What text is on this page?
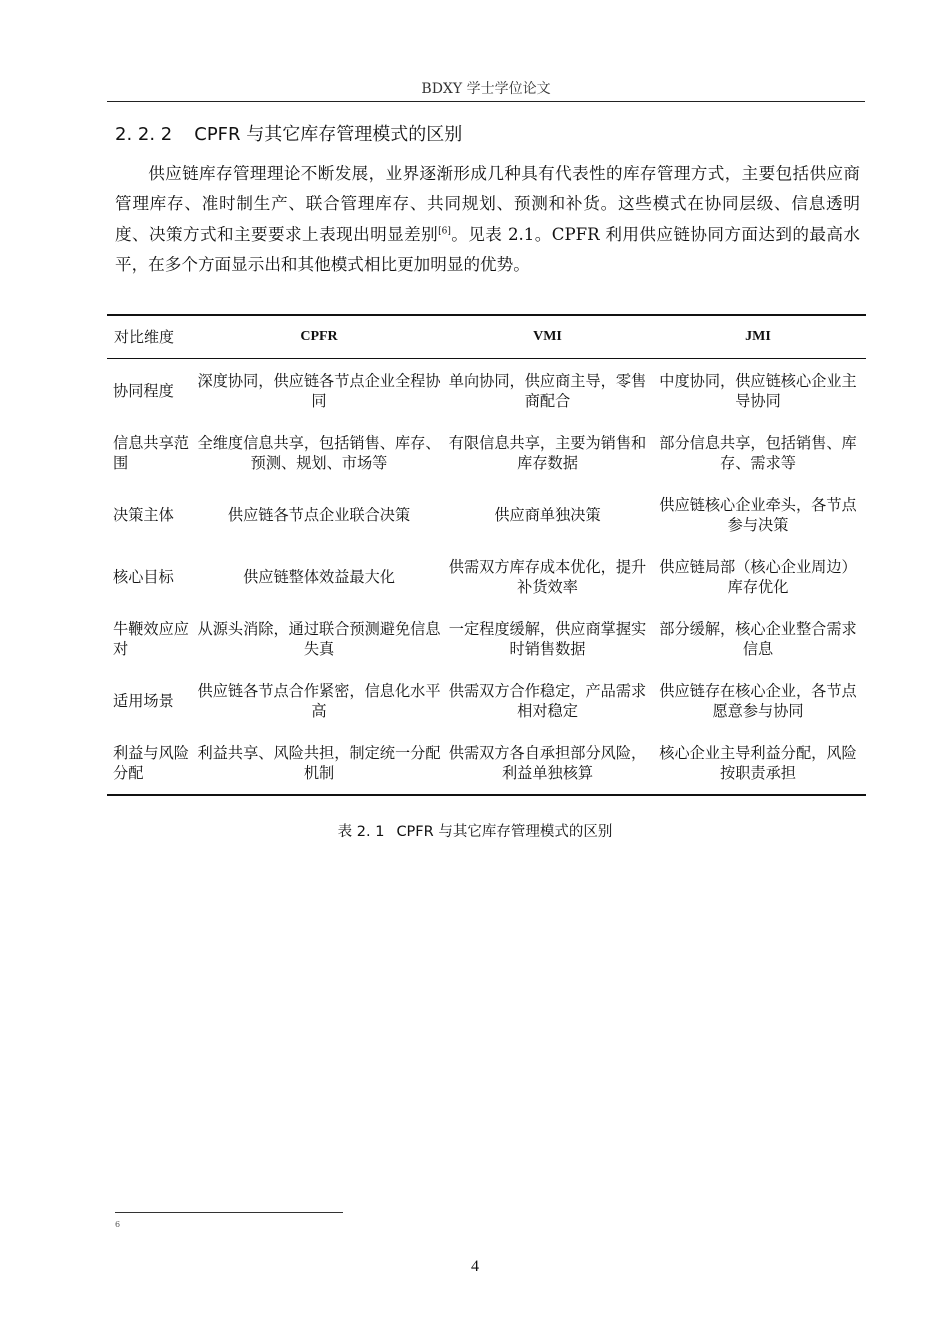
BDXY 学士学位论文
2. 2. 2 CPFR 与其它库存管理模式的区别

供应链库存管理理论不断发展，业界逐渐形成几种具有代表性的库存管理方式，主要包括供应商管理库存、准时制生产、联合管理库存、共同规划、预测和补货。这些模式在协同层级、信息透明度、决策方式和主要要求上表现出明显差别[6]。见表 2.1。CPFR 利用供应链协同方面达到的最高水平，在多个方面显示出和其他模式相比更加明显的优势。

对比维度	CPFR	VMI	JMI
协同程度	深度协同，供应链各节点企业全程协同	单向协同，供应商主导，零售商配合	中度协同，供应链核心企业主导协同
信息共享范围	全维度信息共享，包括销售、库存、预测、规划、市场等	有限信息共享，主要为销售和库存数据	部分信息共享，包括销售、库存、需求等
决策主体	供应链各节点企业联合决策	供应商单独决策	供应链核心企业牵头，各节点参与决策
核心目标	供应链整体效益最大化	供需双方库存成本优化，提升补货效率	供应链局部（核心企业周边）库存优化
牛鞭效应应对	从源头消除，通过联合预测避免信息失真	一定程度缓解，供应商掌握实时销售数据	部分缓解，核心企业整合需求信息
适用场景	供应链各节点合作紧密，信息化水平高	供需双方合作稳定，产品需求相对稳定	供应链存在核心企业，各节点愿意参与协同
利益与风险分配	利益共享、风险共担，制定统一分配机制	供需双方各自承担部分风险，利益单独核算	核心企业主导利益分配，风险按职责承担
表 2. 1 CPFR 与其它库存管理模式的区别
6
4
